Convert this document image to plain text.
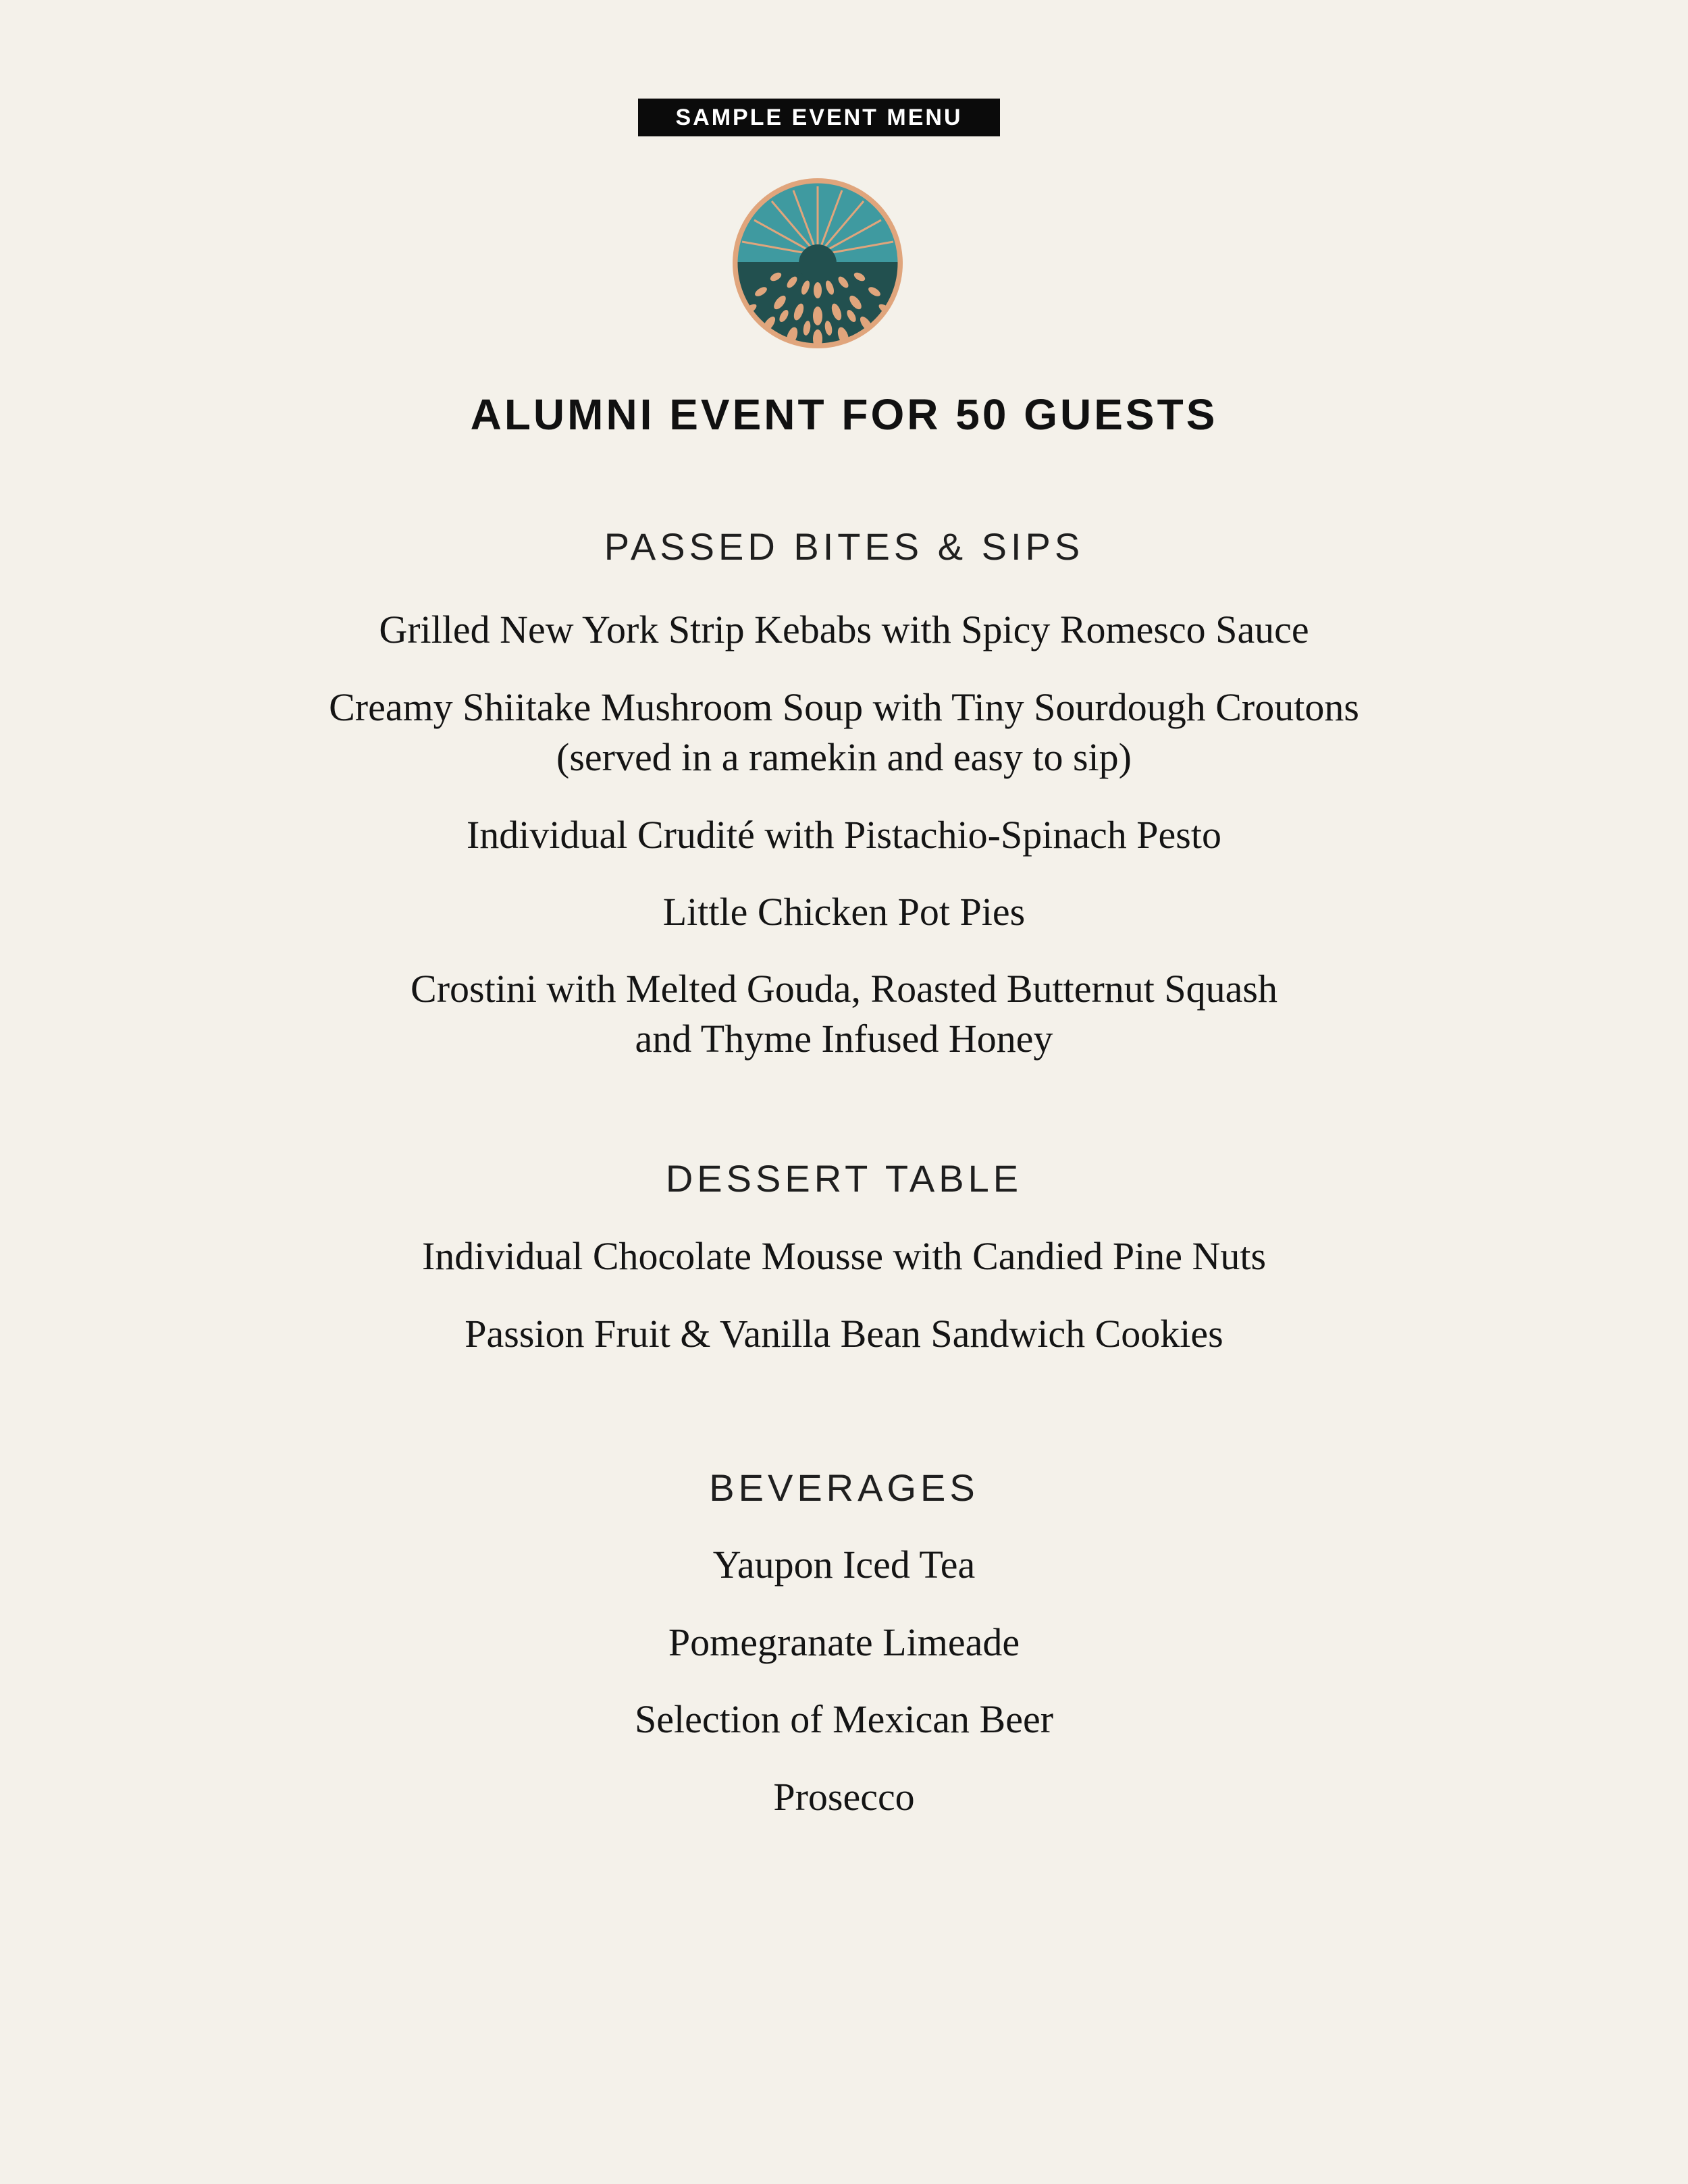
SAMPLE EVENT MENU
ALUMNI EVENT FOR 50 GUESTS
PASSED BITES & SIPS
Grilled New York Strip Kebabs with Spicy Romesco Sauce
Creamy Shiitake Mushroom Soup with Tiny Sourdough Croutons
(served in a ramekin and easy to sip)
Individual Crudité with Pistachio-Spinach Pesto
Little Chicken Pot Pies
Crostini with Melted Gouda, Roasted Butternut Squash
and Thyme Infused Honey
DESSERT TABLE
Individual Chocolate Mousse with Candied Pine Nuts
Passion Fruit & Vanilla Bean Sandwich Cookies
BEVERAGES
Yaupon Iced Tea
Pomegranate Limeade
Selection of Mexican Beer
Prosecco
